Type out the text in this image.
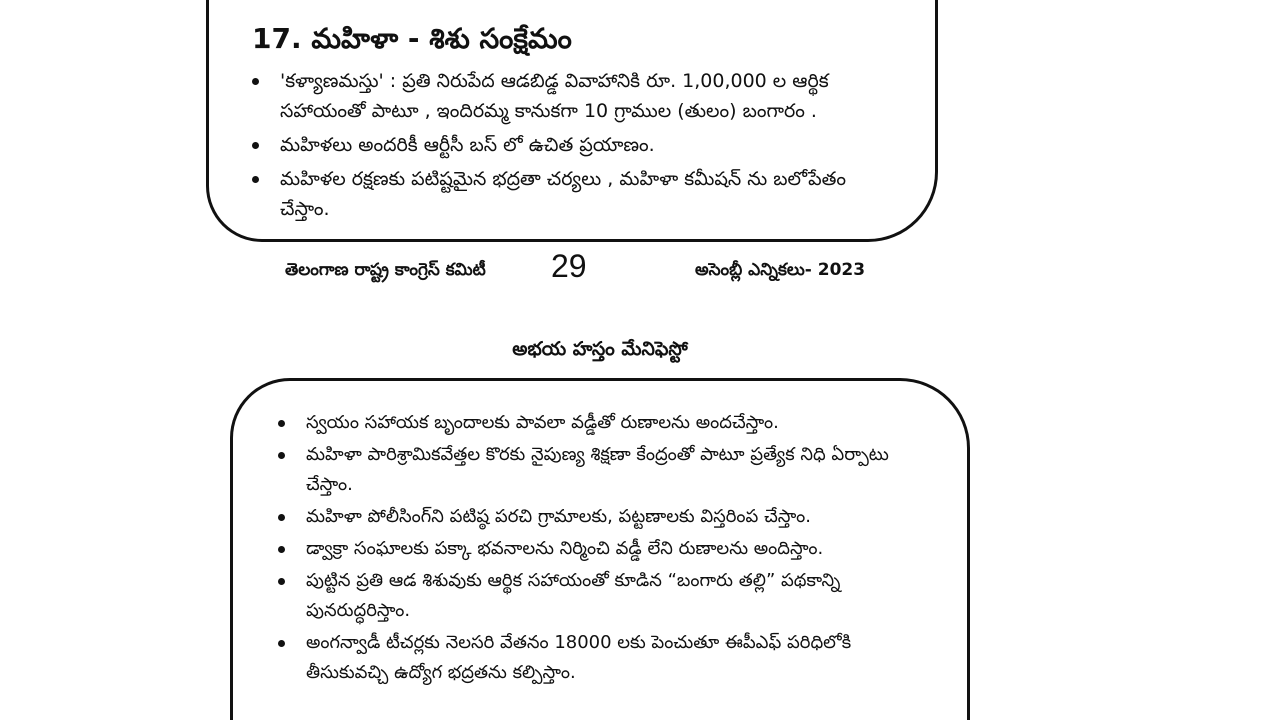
17. మహిళా - శిశు సంక్షేమం
'కళ్యాణమస్తు' : ప్రతి నిరుపేద ఆడబిడ్డ వివాహానికి రూ. 1,00,000 ల ఆర్థిక సహాయంతో పాటూ , ఇందిరమ్మ కానుకగా 10 గ్రాముల (తులం) బంగారం .
మహిళలు అందరికీ ఆర్టీసీ బస్ లో ఉచిత ప్రయాణం.
మహిళల రక్షణకు పటిష్టమైన భద్రతా చర్యలు , మహిళా కమీషన్ ను బలోపేతం చేస్తాం.
తెలంగాణ రాష్ట్ర కాంగ్రెస్ కమిటీ 29	అసెంబ్లీ ఎన్నికలు- 2023
అభయ హస్తం మేనిఫెస్టో
స్వయం సహాయక బృందాలకు పావలా వడ్డీతో రుణాలను అందచేస్తాం.
మహిళా పారిశ్రామికవేత్తల కొరకు నైపుణ్య శిక్షణా కేంద్రంతో పాటూ ప్రత్యేక నిధి ఏర్పాటు చేస్తాం.
మహిళా పోలీసింగ్‌ని పటిష్ఠ పరచి గ్రామాలకు, పట్టణాలకు విస్తరింప చేస్తాం.
డ్వాక్రా సంఘాలకు పక్కా భవనాలను నిర్మించి వడ్డీ లేని రుణాలను అందిస్తాం.
పుట్టిన ప్రతి ఆడ శిశువుకు ఆర్థిక సహాయంతో కూడిన “బంగారు తల్లి” పథకాన్ని పునరుద్ధరిస్తాం.
అంగన్వాడీ టీచర్లకు నెలసరి వేతనం 18000 లకు పెంచుతూ ఈపీఎఫ్ పరిధిలోకి తీసుకువచ్చి ఉద్యోగ భద్రతను కల్పిస్తాం.
